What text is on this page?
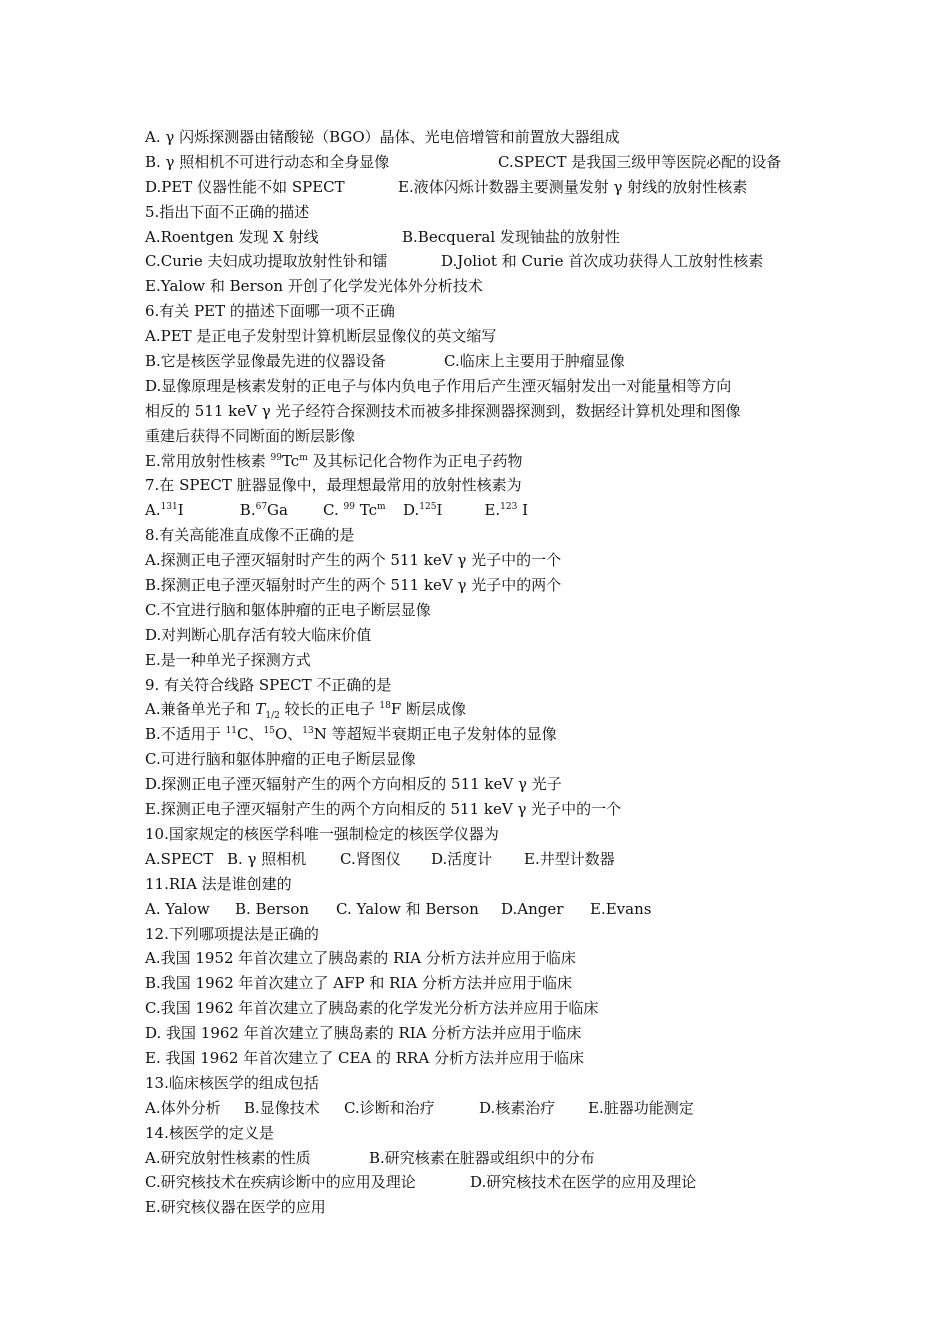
A. γ 闪烁探测器由锗酸铋（BGO）晶体、光电倍增管和前置放大器组成
B. γ 照相机不可进行动态和全身显像	C.SPECT 是我国三级甲等医院必配的设备
D.PET 仪器性能不如 SPECT	E.液体闪烁计数器主要测量发射 γ 射线的放射性核素
5.指出下面不正确的描述
A.Roentgen 发现 X 射线	B.Becqueral 发现铀盐的放射性
C.Curie 夫妇成功提取放射性钋和镭	D.Joliot 和 Curie 首次成功获得人工放射性核素
E.Yalow 和 Berson 开创了化学发光体外分析技术
6.有关 PET 的描述下面哪一项不正确
A.PET 是正电子发射型计算机断层显像仪的英文缩写
B.它是核医学显像最先进的仪器设备	C.临床上主要用于肿瘤显像
D.显像原理是核素发射的正电子与体内负电子作用后产生湮灭辐射发出一对能量相等方向
相反的 511 keV γ 光子经符合探测技术而被多排探测器探测到，数据经计算机处理和图像
重建后获得不同断面的断层影像
E.常用放射性核素 $^{99}$Tc$^m$ 及其标记化合物作为正电子药物
7.在 SPECT 脏器显像中，最理想最常用的放射性核素为
A.$^{131}$I	B.$^{67}$Ga C. $^{99}$ Tc$^m$ D.$^{125}$I	E.$^{123}$ I
8.有关高能准直成像不正确的是
A.探测正电子湮灭辐射时产生的两个 511 keV γ 光子中的一个
B.探测正电子湮灭辐射时产生的两个 511 keV γ 光子中的两个
C.不宜进行脑和躯体肿瘤的正电子断层显像
D.对判断心肌存活有较大临床价值
E.是一种单光子探测方式
9. 有关符合线路 SPECT 不正确的是
A.兼备单光子和 $T_{1/2}$ 较长的正电子 $^{18}$F 断层成像
B.不适用于 $^{11}$C、$^{15}$O、$^{13}$N 等超短半衰期正电子发射体的显像
C.可进行脑和躯体肿瘤的正电子断层显像
D.探测正电子湮灭辐射产生的两个方向相反的 511 keV γ 光子
E.探测正电子湮灭辐射产生的两个方向相反的 511 keV γ 光子中的一个
10.国家规定的核医学科唯一强制检定的核医学仪器为
A.SPECT B. γ 照相机 C.肾图仪 D.活度计 E.井型计数器
11.RIA 法是谁创建的
A. Yalow B. Berson C. Yalow 和 Berson D.Anger E.Evans
12.下列哪项提法是正确的
A.我国 1952 年首次建立了胰岛素的 RIA 分析方法并应用于临床
B.我国 1962 年首次建立了 AFP 和 RIA 分析方法并应用于临床
C.我国 1962 年首次建立了胰岛素的化学发光分析方法并应用于临床
D. 我国 1962 年首次建立了胰岛素的 RIA 分析方法并应用于临床
E. 我国 1962 年首次建立了 CEA 的 RRA 分析方法并应用于临床
13.临床核医学的组成包括
A.体外分析 B.显像技术 C.诊断和治疗	D.核素治疗 E.脏器功能测定
14.核医学的定义是
A.研究放射性核素的性质	B.研究核素在脏器或组织中的分布
C.研究核技术在疾病诊断中的应用及理论	D.研究核技术在医学的应用及理论
E.研究核仪器在医学的应用
